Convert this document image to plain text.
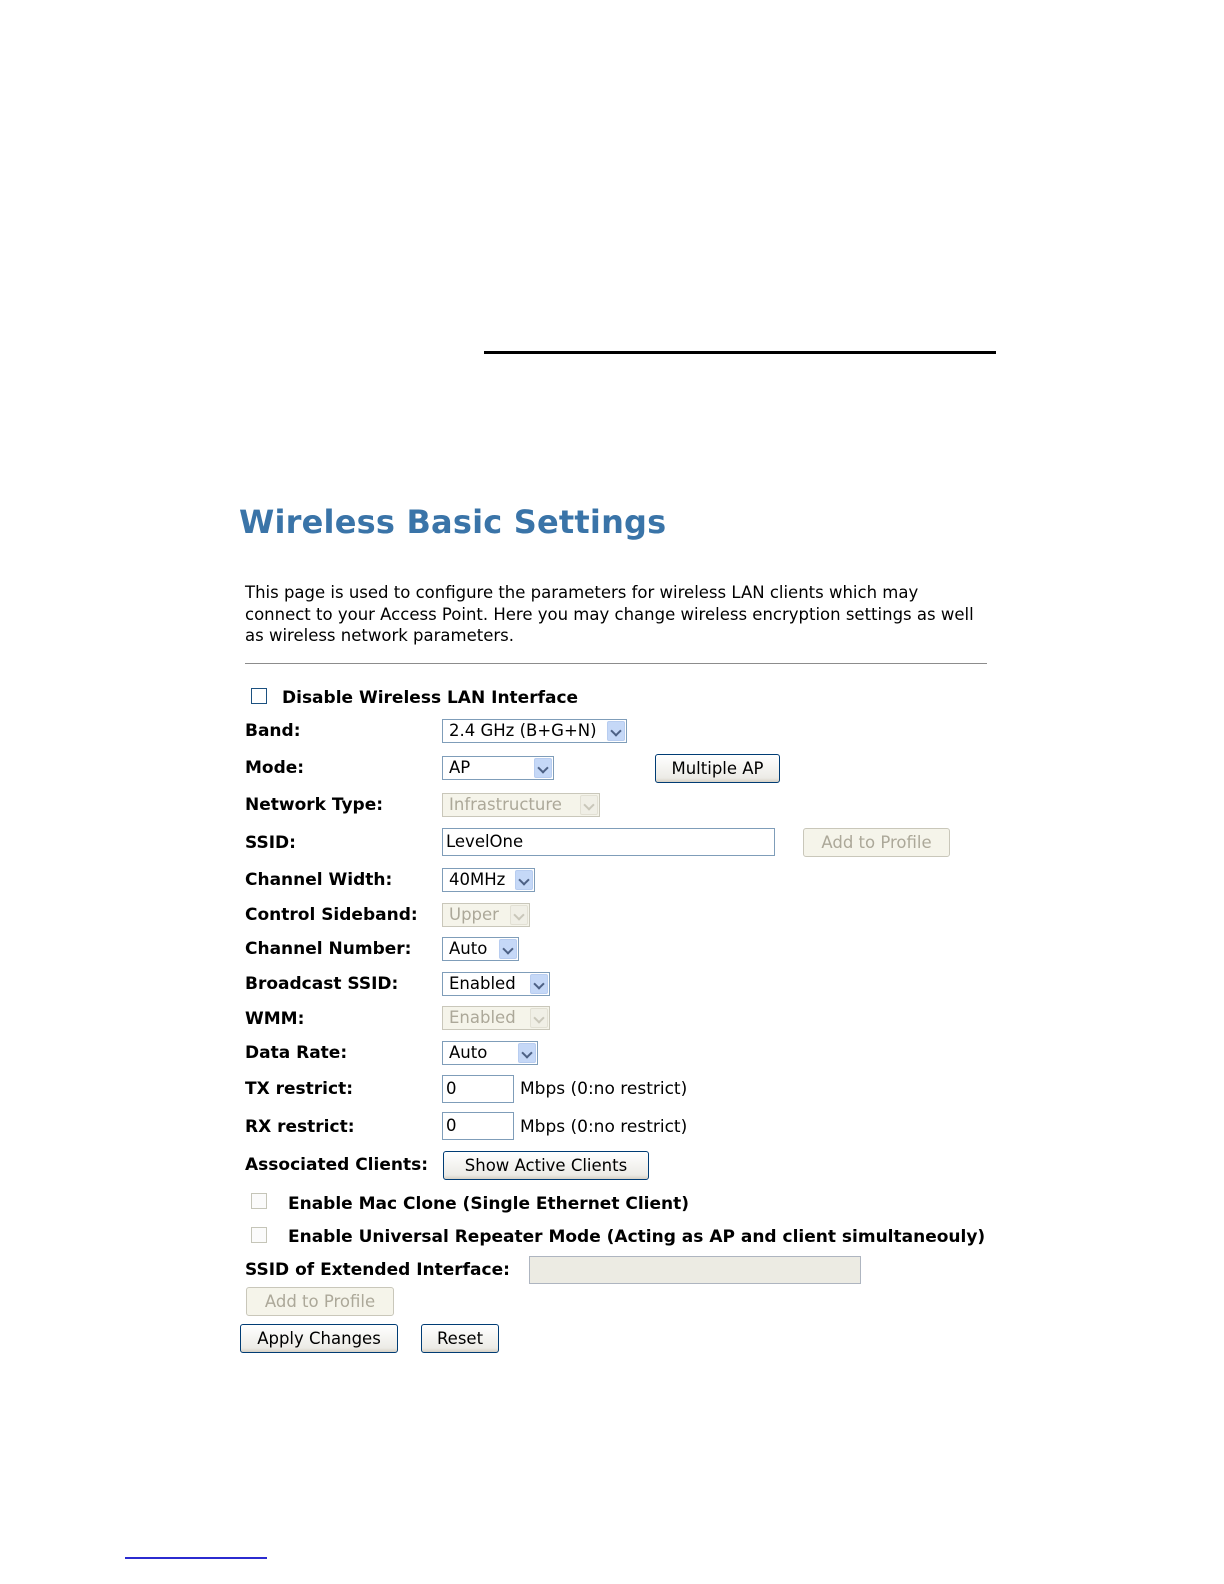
Wireless Basic Settings
This page is used to configure the parameters for wireless LAN clients which may connect to your Access Point. Here you may change wireless encryption settings as well as wireless network parameters.
Disable Wireless LAN Interface
Band:	2.4 GHz (B+G+N)
Mode:	AP	Multiple AP
Network Type:	Infrastructure
SSID:	LevelOne	Add to Profile
Channel Width:	40MHz
Control Sideband:	Upper
Channel Number:	Auto
Broadcast SSID:	Enabled
WMM:	Enabled
Data Rate:	Auto
TX restrict:	0	Mbps (0:no restrict)
RX restrict:	0	Mbps (0:no restrict)
Associated Clients:	Show Active Clients
Enable Mac Clone (Single Ethernet Client)
Enable Universal Repeater Mode (Acting as AP and client simultaneouly)
SSID of Extended Interface:
Add to Profile
Apply Changes	Reset
